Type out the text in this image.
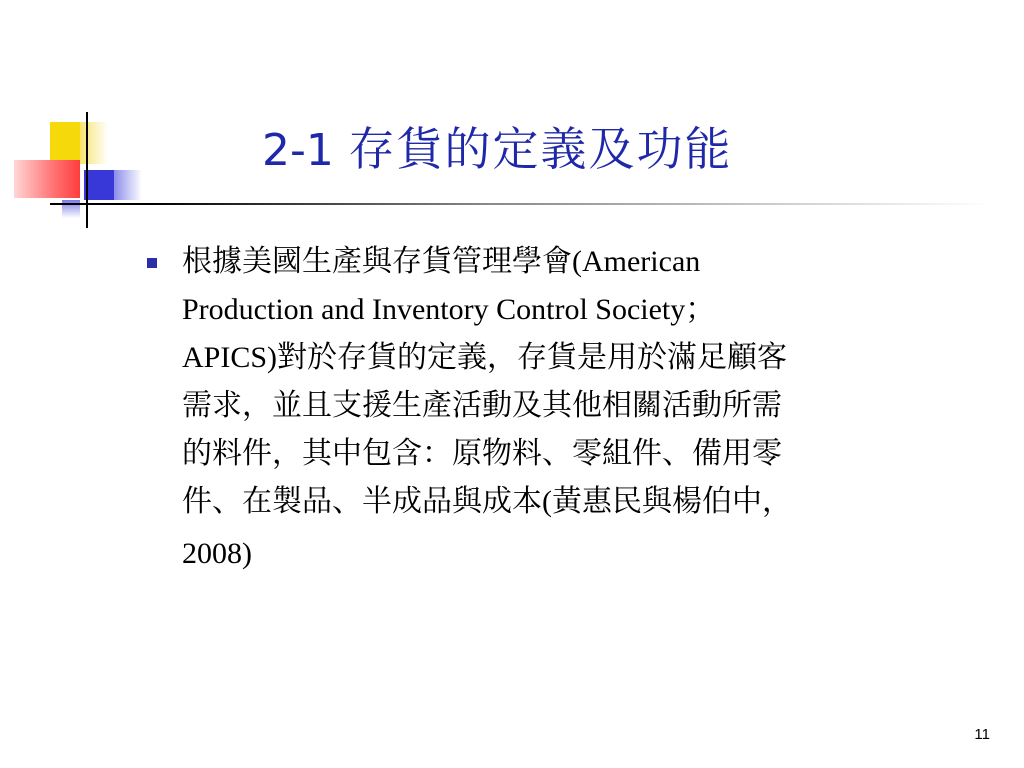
2-1 存貨的定義及功能
根據美國生產與存貨管理學會(American
Production and Inventory Control Society；
APICS)對於存貨的定義，存貨是用於滿足顧客
需求，並且支援生產活動及其他相關活動所需
的料件，其中包含：原物料、零組件、備用零
件、在製品、半成品與成本(黃惠民與楊伯中，
2008)
11
